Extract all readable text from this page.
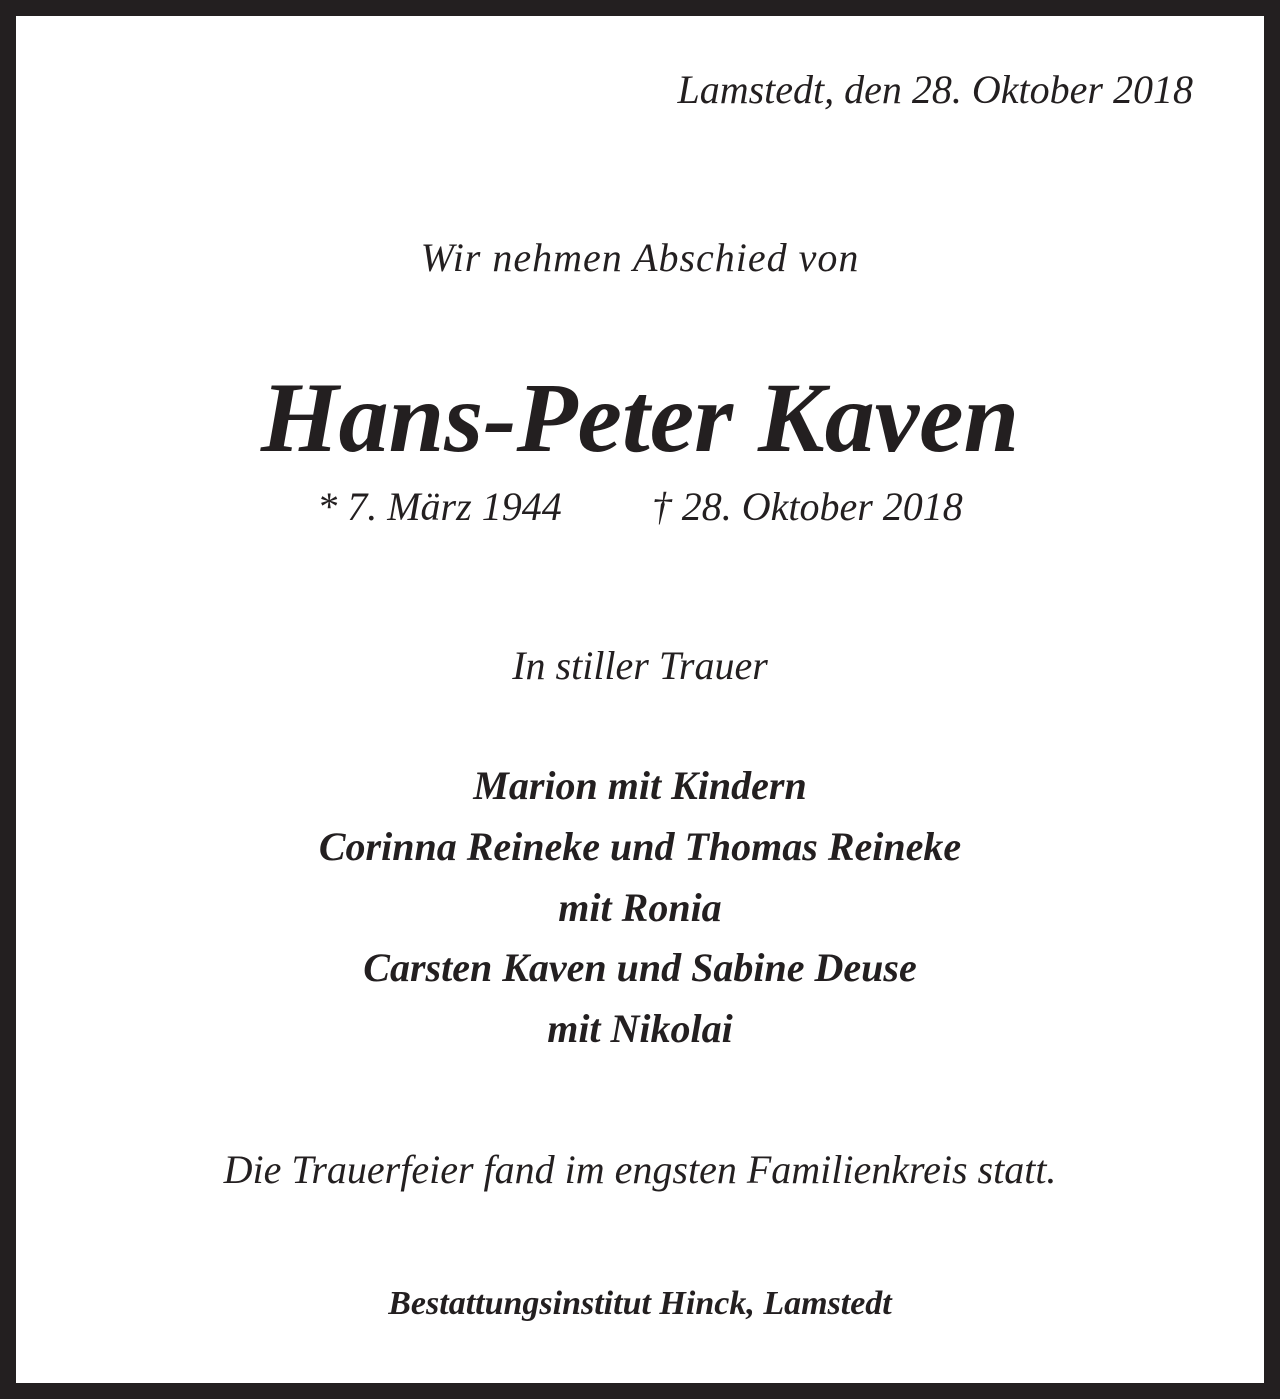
Lamstedt, den 28. Oktober 2018
Wir nehmen Abschied von
Hans-Peter Kaven
* 7. März 1944 † 28. Oktober 2018
In stiller Trauer
Marion mit Kindern
Corinna Reineke und Thomas Reineke
mit Ronia
Carsten Kaven und Sabine Deuse
mit Nikolai
Die Trauerfeier fand im engsten Familienkreis statt.
Bestattungsinstitut Hinck, Lamstedt
